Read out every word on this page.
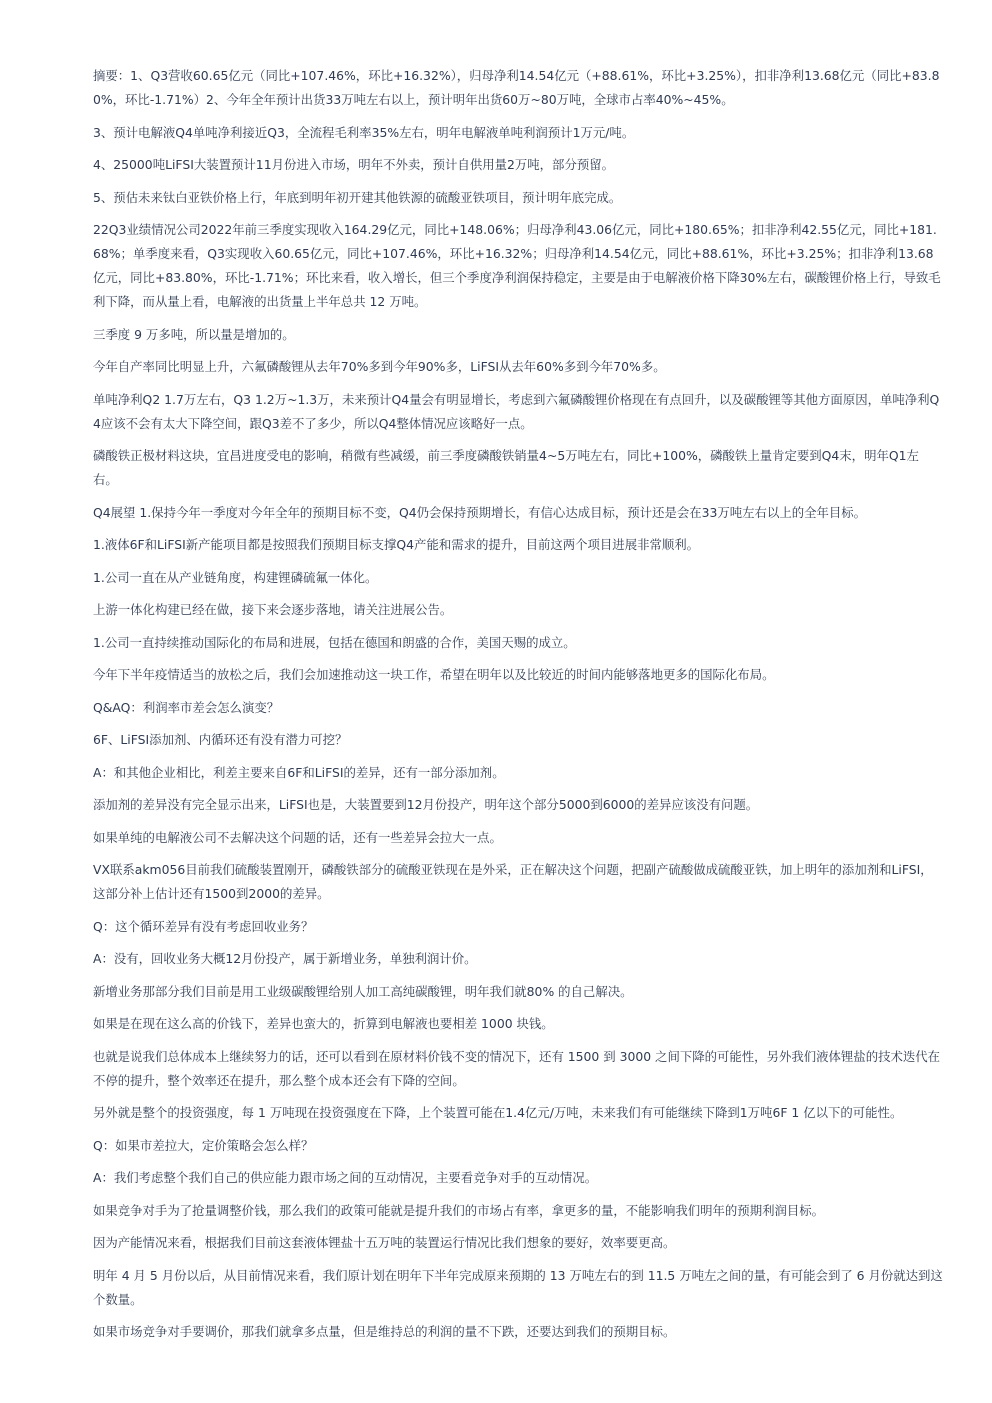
摘要：1、Q3营收60.65亿元（同比+107.46%，环比+16.32%），归母净利14.54亿元（+88.61%，环比+3.25%），扣非净利13.68亿元（同比+83.80%，环比-1.71%）2、今年全年预计出货33万吨左右以上，预计明年出货60万~80万吨，全球市占率40%~45%。

3、预计电解液Q4单吨净利接近Q3，全流程毛利率35%左右，明年电解液单吨利润预计1万元/吨。

4、25000吨LiFSI大装置预计11月份进入市场，明年不外卖，预计自供用量2万吨，部分预留。

5、预估未来钛白亚铁价格上行，年底到明年初开建其他铁源的硫酸亚铁项目，预计明年底完成。

22Q3业绩情况公司2022年前三季度实现收入164.29亿元，同比+148.06%；归母净利43.06亿元，同比+180.65%；扣非净利42.55亿元，同比+181.68%；单季度来看，Q3实现收入60.65亿元，同比+107.46%，环比+16.32%；归母净利14.54亿元，同比+88.61%，环比+3.25%；扣非净利13.68亿元，同比+83.80%，环比-1.71%；环比来看，收入增长，但三个季度净利润保持稳定，主要是由于电解液价格下降30%左右，碳酸锂价格上行，导致毛利下降，而从量上看，电解液的出货量上半年总共 12 万吨。

三季度 9 万多吨，所以量是增加的。

今年自产率同比明显上升，六氟磷酸锂从去年70%多到今年90%多，LiFSI从去年60%多到今年70%多。

单吨净利Q2 1.7万左右，Q3 1.2万~1.3万，未来预计Q4量会有明显增长，考虑到六氟磷酸锂价格现在有点回升，以及碳酸锂等其他方面原因，单吨净利Q4应该不会有太大下降空间，跟Q3差不了多少，所以Q4整体情况应该略好一点。

磷酸铁正极材料这块，宜昌进度受电的影响，稍微有些减缓，前三季度磷酸铁销量4~5万吨左右，同比+100%，磷酸铁上量肯定要到Q4末，明年Q1左右。

Q4展望 1.保持今年一季度对今年全年的预期目标不变，Q4仍会保持预期增长，有信心达成目标，预计还是会在33万吨左右以上的全年目标。

1.液体6F和LiFSI新产能项目都是按照我们预期目标支撑Q4产能和需求的提升，目前这两个项目进展非常顺利。

1.公司一直在从产业链角度，构建锂磷硫氟一体化。

上游一体化构建已经在做，接下来会逐步落地，请关注进展公告。

1.公司一直持续推动国际化的布局和进展，包括在德国和朗盛的合作，美国天赐的成立。

今年下半年疫情适当的放松之后，我们会加速推动这一块工作，希望在明年以及比较近的时间内能够落地更多的国际化布局。

Q&AQ：利润率市差会怎么演变？

6F、LiFSI添加剂、内循环还有没有潜力可挖？

A：和其他企业相比，利差主要来自6F和LiFSI的差异，还有一部分添加剂。

添加剂的差异没有完全显示出来，LiFSI也是，大装置要到12月份投产，明年这个部分5000到6000的差异应该没有问题。

如果单纯的电解液公司不去解决这个问题的话，还有一些差异会拉大一点。

VX联系akm056目前我们硫酸装置刚开，磷酸铁部分的硫酸亚铁现在是外采，正在解决这个问题，把副产硫酸做成硫酸亚铁，加上明年的添加剂和LiFSI，这部分补上估计还有1500到2000的差异。

Q：这个循环差异有没有考虑回收业务？

A：没有，回收业务大概12月份投产，属于新增业务，单独利润计价。

新增业务那部分我们目前是用工业级碳酸锂给别人加工高纯碳酸锂，明年我们就80% 的自己解决。

如果是在现在这么高的价钱下，差异也蛮大的，折算到电解液也要相差 1000 块钱。

也就是说我们总体成本上继续努力的话，还可以看到在原材料价钱不变的情况下，还有 1500 到 3000 之间下降的可能性，另外我们液体锂盐的技术迭代在不停的提升，整个效率还在提升，那么整个成本还会有下降的空间。

另外就是整个的投资强度，每 1 万吨现在投资强度在下降，上个装置可能在1.4亿元/万吨，未来我们有可能继续下降到1万吨6F 1 亿以下的可能性。

Q：如果市差拉大，定价策略会怎么样？

A：我们考虑整个我们自己的供应能力跟市场之间的互动情况，主要看竞争对手的互动情况。

如果竞争对手为了抢量调整价钱，那么我们的政策可能就是提升我们的市场占有率，拿更多的量，不能影响我们明年的预期利润目标。

因为产能情况来看，根据我们目前这套液体锂盐十五万吨的装置运行情况比我们想象的要好，效率要更高。

明年 4 月 5 月份以后，从目前情况来看，我们原计划在明年下半年完成原来预期的 13 万吨左右的到 11.5 万吨左之间的量，有可能会到了 6 月份就达到这个数量。

如果市场竞争对手要调价，那我们就拿多点量，但是维持总的利润的量不下跌，还要达到我们的预期目标。
